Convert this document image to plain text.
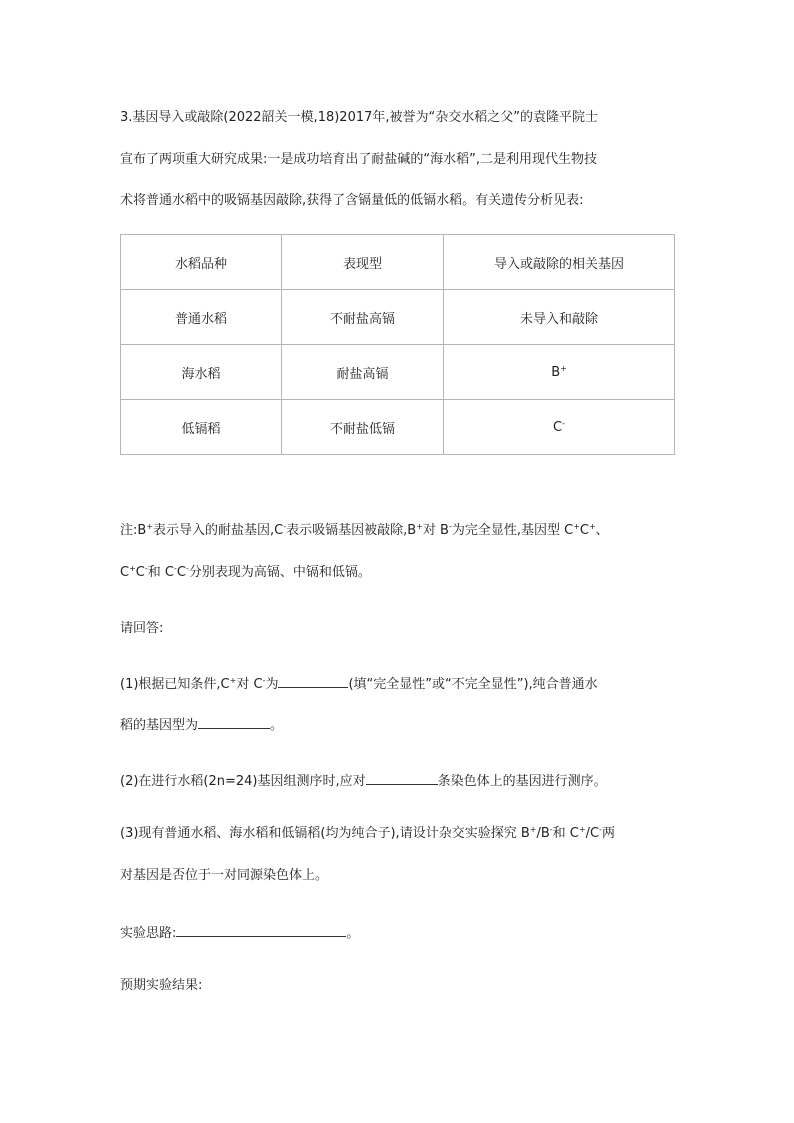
3.基因导入或敲除(2022韶关一模,18)2017年,被誉为“杂交水稻之父”的袁隆平院士
宣布了两项重大研究成果:一是成功培育出了耐盐碱的“海水稻”,二是利用现代生物技
术将普通水稻中的吸镉基因敲除,获得了含镉量低的低镉水稻。有关遗传分析见表:
水稻品种	表现型	导入或敲除的相关基因
普通水稻	不耐盐高镉	未导入和敲除
海水稻	耐盐高镉	B+
低镉稻	不耐盐低镉	C-
注:B+表示导入的耐盐基因,C-表示吸镉基因被敲除,B+对 B-为完全显性,基因型 C+C+、
C+C-和 C-C-分别表现为高镉、中镉和低镉。
请回答:
(1)根据已知条件,C+对 C-为	(填“完全显性”或“不完全显性”),纯合普通水
稻的基因型为	。
(2)在进行水稻(2n=24)基因组测序时,应对	条染色体上的基因进行测序。
(3)现有普通水稻、海水稻和低镉稻(均为纯合子),请设计杂交实验探究 B+/B-和 C+/C-两
对基因是否位于一对同源染色体上。
实验思路:	。
预期实验结果:
